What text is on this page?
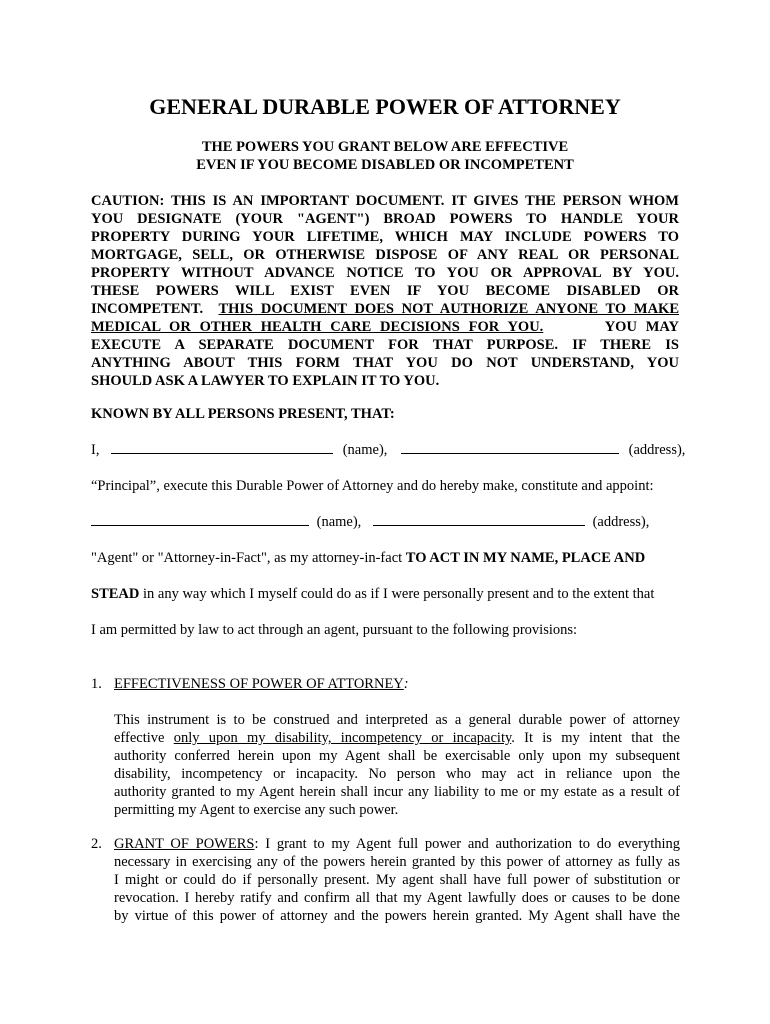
GENERAL DURABLE POWER OF ATTORNEY
THE POWERS YOU GRANT BELOW ARE EFFECTIVE
EVEN IF YOU BECOME DISABLED OR INCOMPETENT
CAUTION: THIS IS AN IMPORTANT DOCUMENT. IT GIVES THE PERSON WHOM
YOU DESIGNATE (YOUR "AGENT") BROAD POWERS TO HANDLE YOUR
PROPERTY DURING YOUR LIFETIME, WHICH MAY INCLUDE POWERS TO
MORTGAGE, SELL, OR OTHERWISE DISPOSE OF ANY REAL OR PERSONAL
PROPERTY WITHOUT ADVANCE NOTICE TO YOU OR APPROVAL BY YOU.
THESE POWERS WILL EXIST EVEN IF YOU BECOME DISABLED OR
INCOMPETENT. THIS DOCUMENT DOES NOT AUTHORIZE ANYONE TO MAKE
MEDICAL OR OTHER HEALTH CARE DECISIONS FOR YOU.	YOU MAY
EXECUTE A SEPARATE DOCUMENT FOR THAT PURPOSE. IF THERE IS
ANYTHING ABOUT THIS FORM THAT YOU DO NOT UNDERSTAND, YOU
SHOULD ASK A LAWYER TO EXPLAIN IT TO YOU.
KNOWN BY ALL PERSONS PRESENT, THAT:
I,	(name),	(address),
“Principal”, execute this Durable Power of Attorney and do hereby make, constitute and appoint:
(name),	(address),
"Agent" or "Attorney-in-Fact", as my attorney-in-fact TO ACT IN MY NAME, PLACE AND
STEAD in any way which I myself could do as if I were personally present and to the extent that
I am permitted by law to act through an agent, pursuant to the following provisions:
1. EFFECTIVENESS OF POWER OF ATTORNEY:
This instrument is to be construed and interpreted as a general durable power of attorney
effective only upon my disability, incompetency or incapacity. It is my intent that the
authority conferred herein upon my Agent shall be exercisable only upon my subsequent
disability, incompetency or incapacity. No person who may act in reliance upon the
authority granted to my Agent herein shall incur any liability to me or my estate as a result of
permitting my Agent to exercise any such power.
2. GRANT OF POWERS: I grant to my Agent full power and authorization to do everything
necessary in exercising any of the powers herein granted by this power of attorney as fully as
I might or could do if personally present. My agent shall have full power of substitution or
revocation. I hereby ratify and confirm all that my Agent lawfully does or causes to be done
by virtue of this power of attorney and the powers herein granted. My Agent shall have the
